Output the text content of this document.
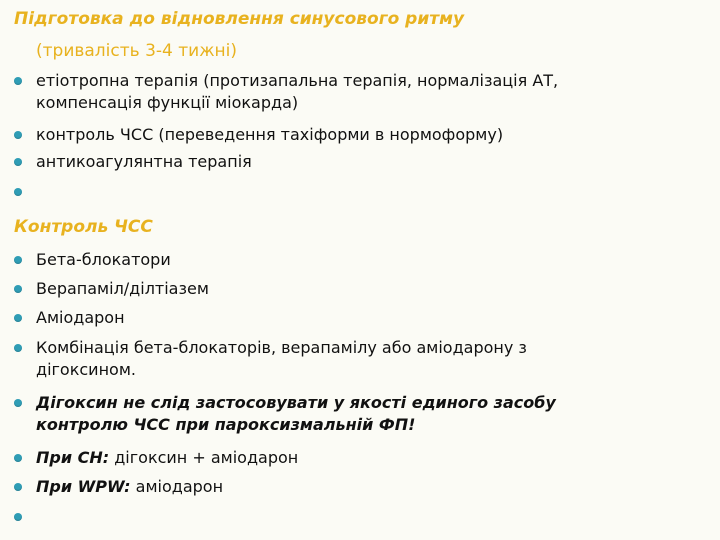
Підготовка до відновлення синусового ритму
(тривалість 3-4 тижні)
етіотропна терапія (протизапальна терапія, нормалізація АТ,
компенсація функції міокарда)
контроль ЧСС (переведення тахіформи в нормоформу)
антикоагулянтна терапія
Контроль ЧСС
Бета-блокатори
Верапаміл/ділтіазем
Аміодарон
Комбінація бета-блокаторів, верапамілу або аміодарону з
дігоксином.
Дігоксин не слід застосовувати у якості единого засобу
контролю ЧСС при пароксизмальній ФП!
При СН: дігоксин + аміодарон
При WPW: аміодарон
